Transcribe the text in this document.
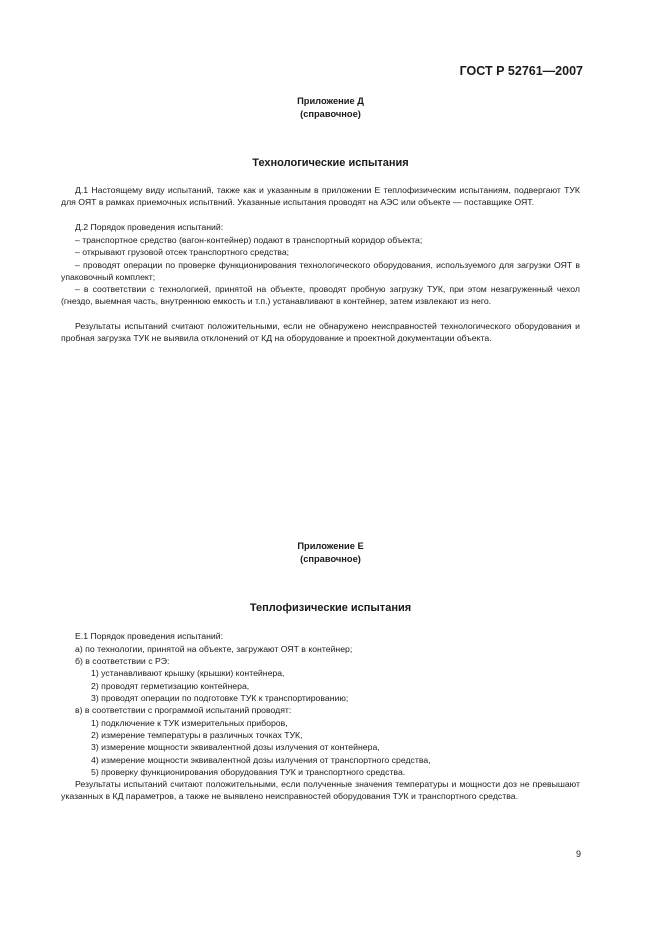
ГОСТ Р 52761—2007
Приложение Д
(справочное)
Технологические испытания

Д.1 Настоящему виду испытаний, также как и указанным в приложении Е теплофизическим испытаниям, подвергают ТУК для ОЯТ в рамках приемочных испытвний. Указанные испытания проводят на АЭС или объекте — поставщике ОЯТ.

Д.2 Порядок проведения испытаний:

– транспортное средство (вагон-контейнер) подают в транспортный коридор объекта;

– открывают грузовой отсек транспортного средства;

– проводят операции по проверке функционирования технологического оборудования, используемого для загрузки ОЯТ в упаковочный комплект;

– в соответствии с технологией, принятой на объекте, проводят пробную загрузку ТУК, при этом незагруженный чехол (гнездо, выемная часть, внутреннюю емкость и т.п.) устанавливают в контейнер, затем извлекают из него.

Результаты испытаний считают положительными, если не обнаружено неисправностей технологического оборудования и пробная загрузка ТУК не выявила отклонений от КД на оборудование и проектной документации объекта.

Приложение Е
(справочное)
Теплофизические испытания

Е.1 Порядок проведения испытаний:

а) по технологии, принятой на объекте, загружают ОЯТ в контейнер;

б) в соответствии с РЭ:

1) устанавливают крышку (крышки) контейнера,

2) проводят герметизацию контейнера,

3) проводят операции по подготовке ТУК к транспортированию;

в) в соответствии с программой испытаний проводят:

1) подключение к ТУК измерительных приборов,

2) измерение температуры в различных точках ТУК,

3) измерение мощности эквивалентной дозы излучения от контейнера,

4) измерение мощности эквивалентной дозы излучения от транспортного средства,

5) проверку функционирования оборудования ТУК и транспортного средства.

Результаты испытаний считают положительными, если полученные значения температуры и мощности доз не превышают указанных в КД параметров, а также не выявлено неисправностей оборудования ТУК и транспортного средства.

9
